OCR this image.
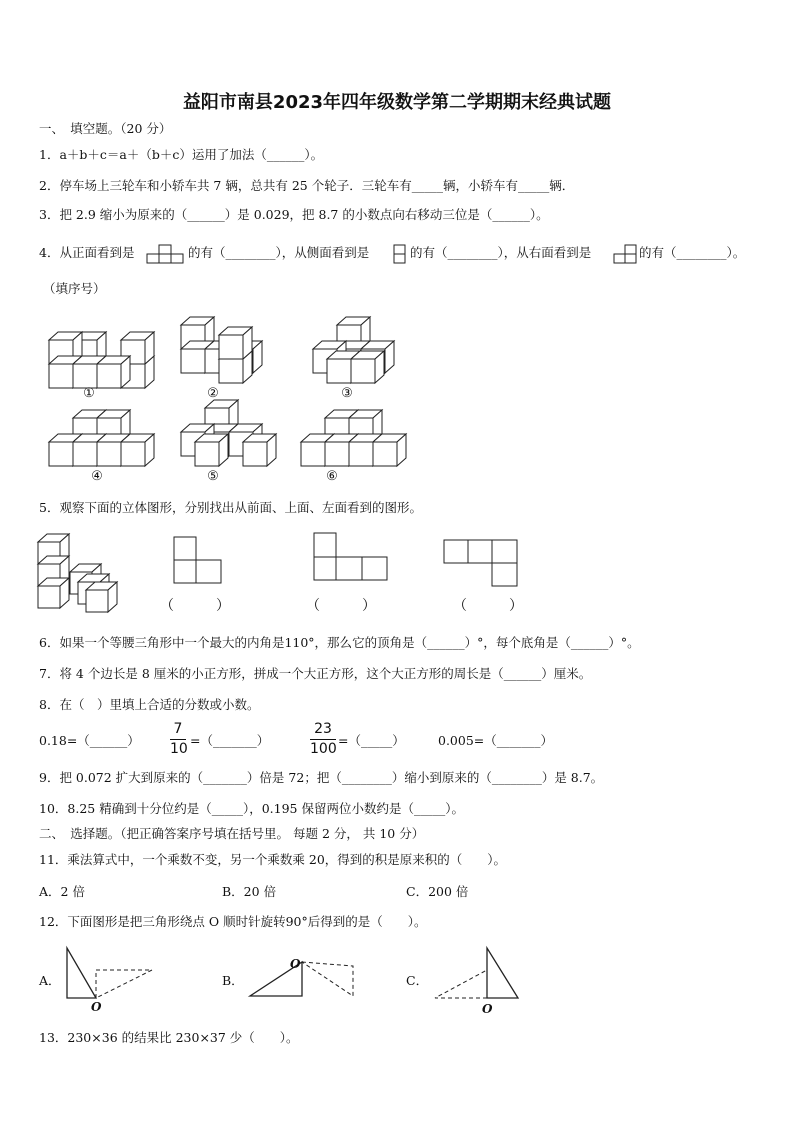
益阳市南县2023年四年级数学第二学期期末经典试题
一、　填空题。（20 分）
1．a＋b＋c＝a＋（b＋c）运用了加法（______）。
2．停车场上三轮车和小轿车共 7 辆，总共有 25 个轮子．三轮车有_____辆，小轿车有_____辆．
3．把 2.9 缩小为原来的（______）是 0.029，把 8.7 的小数点向右移动三位是（______）。
4．从正面看到是	的有（________），从侧面看到是	的有（________），从右面看到是	的有（________）。
（填序号）
①	②	③
④	⑤	⑥
5．观察下面的立体图形，分别找出从前面、上面、左面看到的图形。
（　　　）	（　　　）	（　　　）
6．如果一个等腰三角形中一个最大的内角是110°，那么它的顶角是（______）°，每个底角是（______）°。
7．将 4 个边长是 8 厘米的小正方形，拼成一个大正方形，这个大正方形的周长是（______）厘米。
8．在（　）里填上合适的分数或小数。
0.18=（______）
7
10
=（_______）
23
100
=（_____）	0.005=（_______）
9．把 0.072 扩大到原来的（_______）倍是 72；把（________）缩小到原来的（________）是 8.7。
10．8.25 精确到十分位约是（_____），0.195 保留两位小数约是（_____）。
二、　选择题。（把正确答案序号填在括号里。 每题 2 分， 共 10 分）
11．乘法算式中，一个乘数不变，另一个乘数乘 20，得到的积是原来积的（　　）。
A．2 倍	B．20 倍	C．200 倍
12．下面图形是把三角形绕点 O 顺时针旋转90°后得到的是（　　）。
A．	B．	C．
O
O
O
13．230×36 的结果比 230×37 少（　　）。
